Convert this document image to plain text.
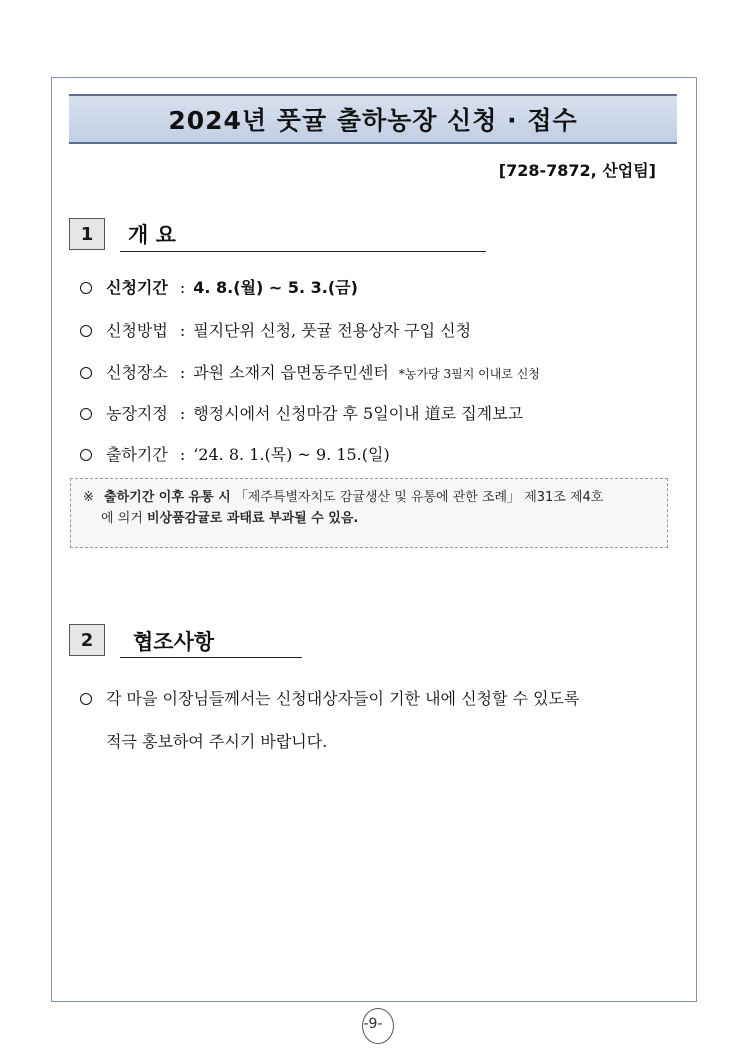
2024년 풋귤 출하농장 신청 · 접수
[728-7872, 산업팀]
1	개 요
신청기간 : 4. 8.(월) ~ 5. 3.(금)
신청방법 : 필지단위 신청, 풋귤 전용상자 구입 신청
신청장소 : 과원 소재지 읍면동주민센터 *농가당 3필지 이내로 신청
농장지정 : 행정시에서 신청마감 후 5일이내 道로 집계보고
출하기간 : ‘24. 8. 1.(목) ~ 9. 15.(일)
※ 출하기간 이후 유통 시 「제주특별자치도 감귤생산 및 유통에 관한 조례」 제31조 제4호
에 의거 비상품감귤로 과태료 부과될 수 있음.
2	협조사항
각 마을 이장님들께서는 신청대상자들이 기한 내에 신청할 수 있도록
적극 홍보하여 주시기 바랍니다.
-9-
